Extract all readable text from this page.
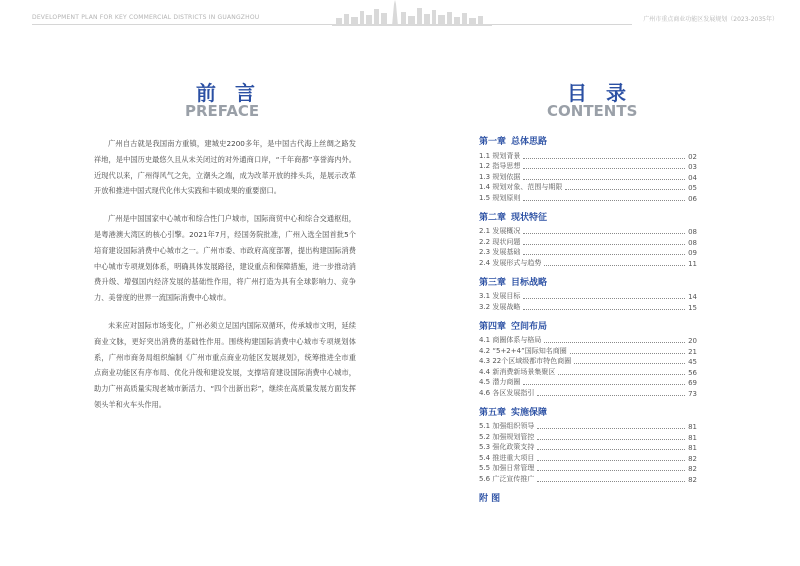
DEVELOPMENT PLAN FOR KEY COMMERCIAL DISTRICTS IN GUANGZHOU	广州市重点商业功能区发展规划（2023-2035年）
前 言
PREFACE

广州自古就是我国南方重镇，建城史2200多年，是中国古代海上丝绸之路发祥地，是中国历史最悠久且从未关闭过的对外通商口岸，“千年商都”享誉海内外。近现代以来，广州得风气之先，立潮头之端，成为改革开放的排头兵，是展示改革开放和推进中国式现代化伟大实践和丰硕成果的重要窗口。

广州是中国国家中心城市和综合性门户城市，国际商贸中心和综合交通枢纽，是粤港澳大湾区的核心引擎。2021年7月，经国务院批准，广州入选全国首批5个培育建设国际消费中心城市之一。广州市委、市政府高度部署，提出构建国际消费中心城市专项规划体系，明确具体发展路径，建设重点和保障措施，进一步推动消费升级、增强国内经济发展的基础性作用，将广州打造为具有全球影响力、竞争力、美誉度的世界一流国际消费中心城市。

未来应对国际市场变化，广州必须立足国内国际双循环，传承城市文明，延续商业文脉，更好突出消费的基础性作用。围绕构建国际消费中心城市专项规划体系，广州市商务局组织编制《广州市重点商业功能区发展规划》，统筹推进全市重点商业功能区有序布局、优化升级和建设发展，支撑培育建设国际消费中心城市，助力广州高质量实现老城市新活力、“四个出新出彩”，继续在高质量发展方面发挥领头羊和火车头作用。

目 录
CONTENTS
第一章 总体思路
1.1 规划背景	02
1.2 指导思想	03
1.3 规划依据	04
1.4 规划对象、范围与期限	05
1.5 规划原则	06
第二章 现状特征
2.1 发展概况	08
2.2 现状问题	08
2.3 发展基础	09
2.4 发展形式与趋势	11
第三章 目标战略
3.1 发展目标	14
3.2 发展战略	15
第四章 空间布局
4.1 商圈体系与格局	20
4.2 “5+2+4”国际知名商圈	21
4.3 22个区域级都市特色商圈	45
4.4 新消费新场景集聚区	56
4.5 潜力商圈	69
4.6 各区发展指引	73
第五章 实施保障
5.1 加强组织领导	81
5.2 加强规划管控	81
5.3 强化政策支持	81
5.4 推进重大项目	82
5.5 加强日常管理	82
5.6 广泛宣传推广	82
附 图
